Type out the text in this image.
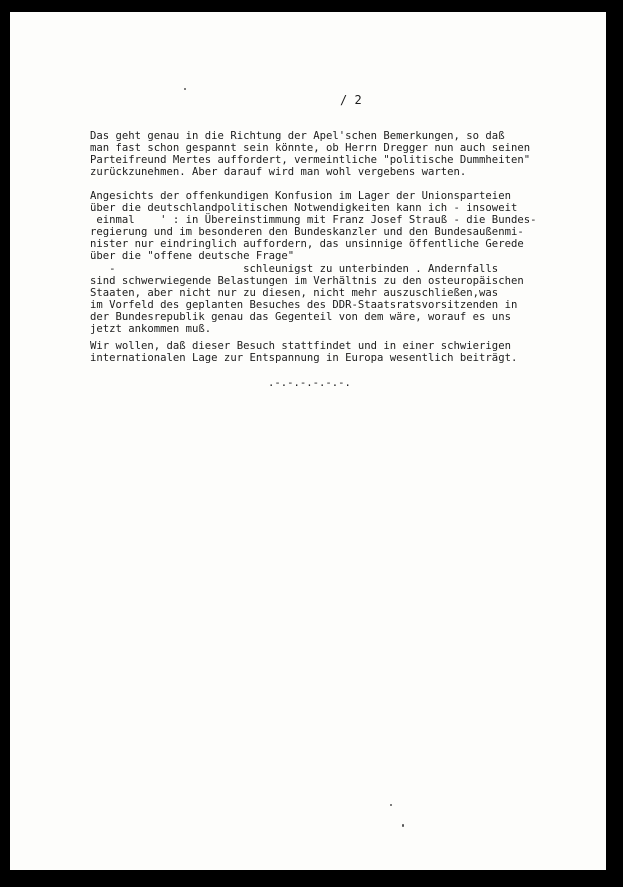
/ 2
Das geht genau in die Richtung der Apel'schen Bemerkungen, so daß
man fast schon gespannt sein könnte, ob Herrn Dregger nun auch seinen
Parteifreund Mertes auffordert, vermeintliche "politische Dummheiten"
zurückzunehmen. Aber darauf wird man wohl vergebens warten.
Angesichts der offenkundigen Konfusion im Lager der Unionsparteien
über die deutschlandpolitischen Notwendigkeiten kann ich - insoweit
einmal    ' : in Übereinstimmung mit Franz Josef Strauß - die Bundes-
regierung und im besonderen den Bundeskanzler und den Bundesaußenmi-
nister nur eindringlich auffordern, das unsinnige öffentliche Gerede
über die "offene deutsche Frage"
-                    schleunigst zu unterbinden . Andernfalls
sind schwerwiegende Belastungen im Verhältnis zu den osteuropäischen
Staaten, aber nicht nur zu diesen, nicht mehr auszuschließen,was
im Vorfeld des geplanten Besuches des DDR-Staatsratsvorsitzenden in
der Bundesrepublik genau das Gegenteil von dem wäre, worauf es uns
jetzt ankommen muß.
Wir wollen, daß dieser Besuch stattfindet und in einer schwierigen
internationalen Lage zur Entspannung in Europa wesentlich beiträgt.
.-.-.-.-.-.-.
